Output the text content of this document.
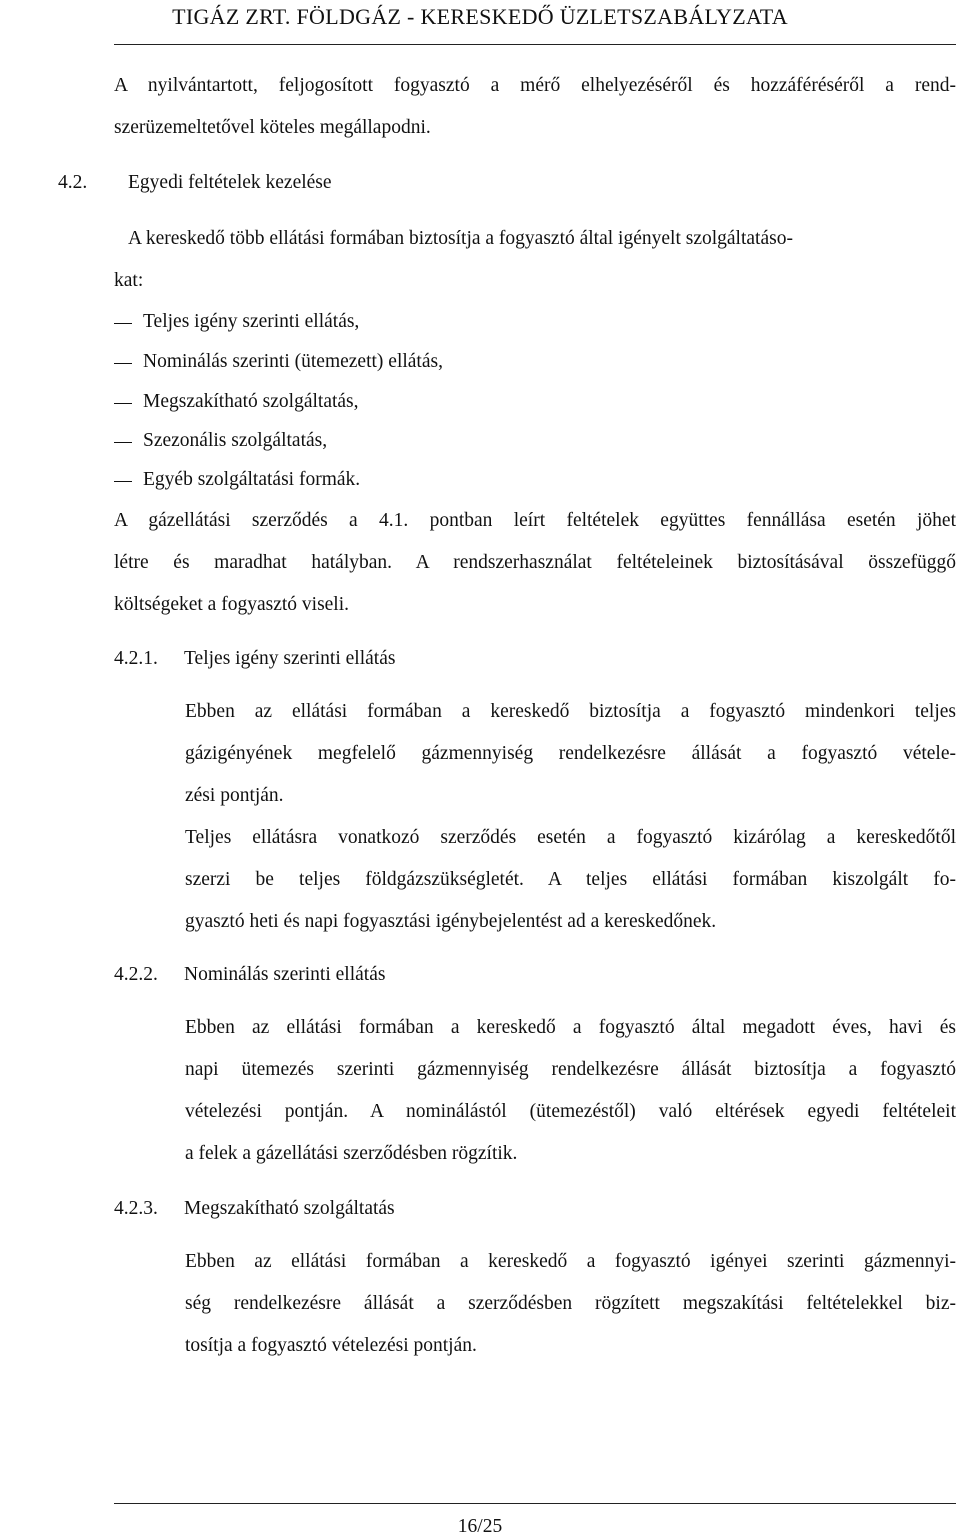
TIGÁZ ZRT. FÖLDGÁZ - KERESKEDŐ ÜZLETSZABÁLYZATA
A nyilvántartott, feljogosított fogyasztó a mérő elhelyezéséről és hozzáféréséről a rend-
szerüzemeltetővel köteles megállapodni.
4.2. Egyedi feltételek kezelése
A kereskedő több ellátási formában biztosítja a fogyasztó által igényelt szolgáltatáso-
kat:
Teljes igény szerinti ellátás,
Nominálás szerinti (ütemezett) ellátás,
Megszakítható szolgáltatás,
Szezonális szolgáltatás,
Egyéb szolgáltatási formák.
A gázellátási szerződés a 4.1. pontban leírt feltételek együttes fennállása esetén jöhet
létre és maradhat hatályban. A rendszerhasználat feltételeinek biztosításával összefüggő
költségeket a fogyasztó viseli.
4.2.1. Teljes igény szerinti ellátás
Ebben az ellátási formában a kereskedő biztosítja a fogyasztó mindenkori teljes
gázigényének megfelelő gázmennyiség rendelkezésre állását a fogyasztó vétele-
zési pontján.
Teljes ellátásra vonatkozó szerződés esetén a fogyasztó kizárólag a kereskedőtől
szerzi be teljes földgázszükségletét. A teljes ellátási formában kiszolgált fo-
gyasztó heti és napi fogyasztási igénybejelentést ad a kereskedőnek.
4.2.2. Nominálás szerinti ellátás
Ebben az ellátási formában a kereskedő a fogyasztó által megadott éves, havi és
napi ütemezés szerinti gázmennyiség rendelkezésre állását biztosítja a fogyasztó
vételezési pontján. A nominálástól (ütemezéstől) való eltérések egyedi feltételeit
a felek a gázellátási szerződésben rögzítik.
4.2.3. Megszakítható szolgáltatás
Ebben az ellátási formában a kereskedő a fogyasztó igényei szerinti gázmennyi-
ség rendelkezésre állását a szerződésben rögzített megszakítási feltételekkel biz-
tosítja a fogyasztó vételezési pontján.
16/25
